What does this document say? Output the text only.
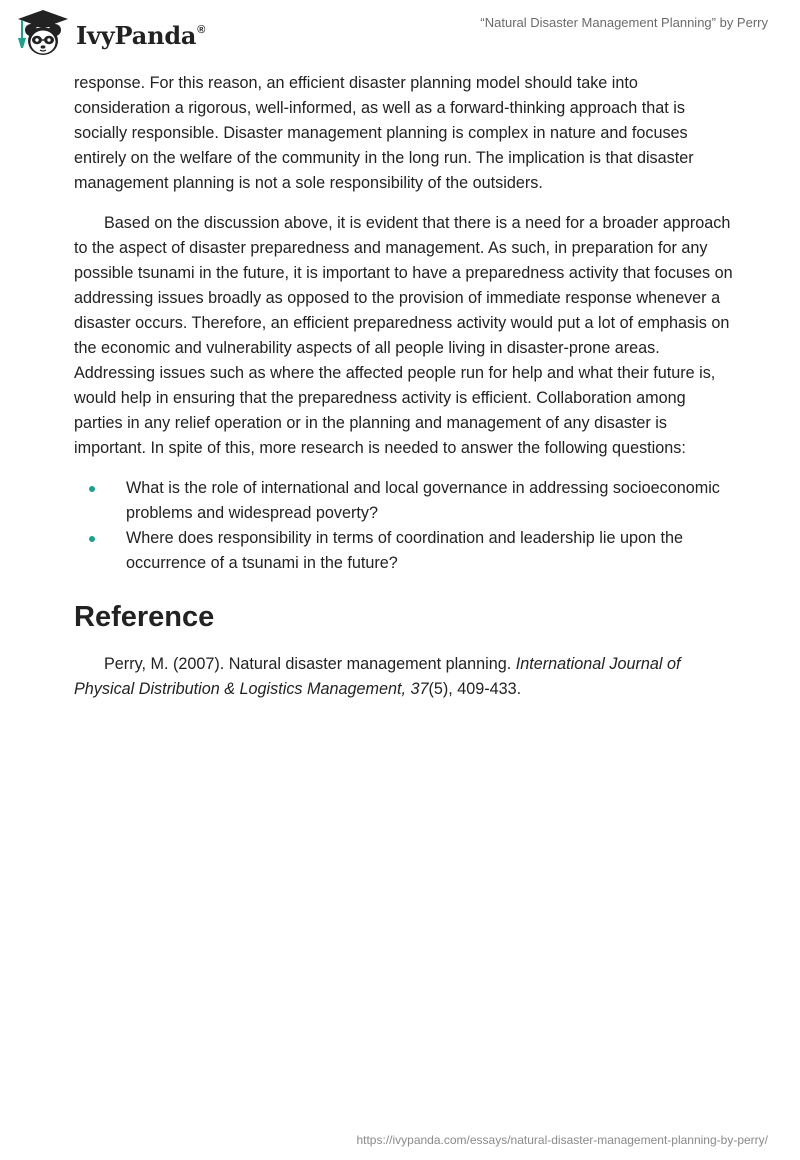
IvyPanda®	“Natural Disaster Management Planning” by Perry

response. For this reason, an efficient disaster planning model should take into consideration a rigorous, well-informed, as well as a forward-thinking approach that is socially responsible. Disaster management planning is complex in nature and focuses entirely on the welfare of the community in the long run. The implication is that disaster management planning is not a sole responsibility of the outsiders.

Based on the discussion above, it is evident that there is a need for a broader approach to the aspect of disaster preparedness and management. As such, in preparation for any possible tsunami in the future, it is important to have a preparedness activity that focuses on addressing issues broadly as opposed to the provision of immediate response whenever a disaster occurs. Therefore, an efficient preparedness activity would put a lot of emphasis on the economic and vulnerability aspects of all people living in disaster-prone areas. Addressing issues such as where the affected people run for help and what their future is, would help in ensuring that the preparedness activity is efficient. Collaboration among parties in any relief operation or in the planning and management of any disaster is important. In spite of this, more research is needed to answer the following questions:

What is the role of international and local governance in addressing socioeconomic problems and widespread poverty?
Where does responsibility in terms of coordination and leadership lie upon the occurrence of a tsunami in the future?
Reference

Perry, M. (2007). Natural disaster management planning. International Journal of Physical Distribution & Logistics Management, 37(5), 409-433.

https://ivypanda.com/essays/natural-disaster-management-planning-by-perry/
